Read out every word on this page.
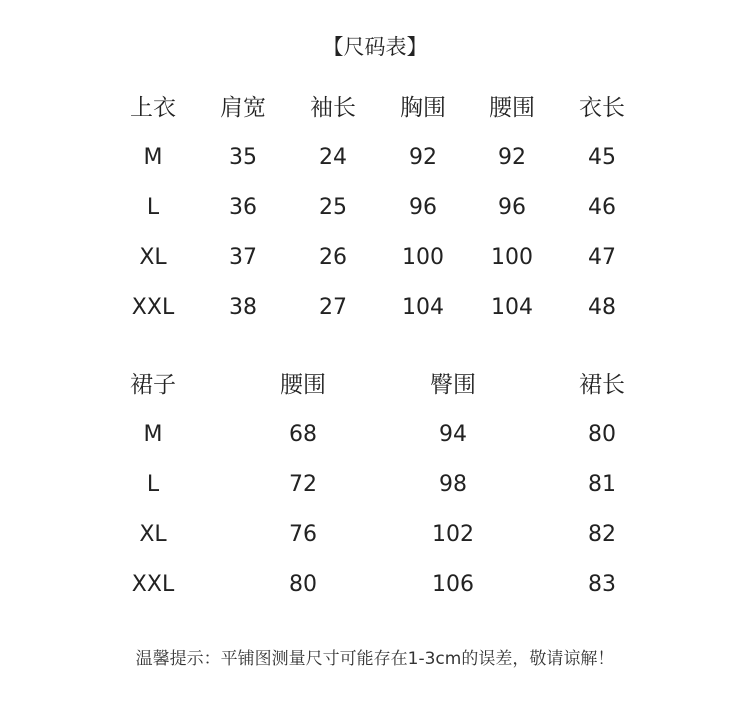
【尺码表】
上衣	肩宽	袖长	胸围	腰围	衣长
M	35	24	92	92	45
L	36	25	96	96	46
XL	37	26	100	100	47
XXL	38	27	104	104	48
裙子	腰围	臀围	裙长
M	68	94	80
L	72	98	81
XL	76	102	82
XXL	80	106	83
温馨提示：平铺图测量尺寸可能存在1-3cm的误差，敬请谅解！
